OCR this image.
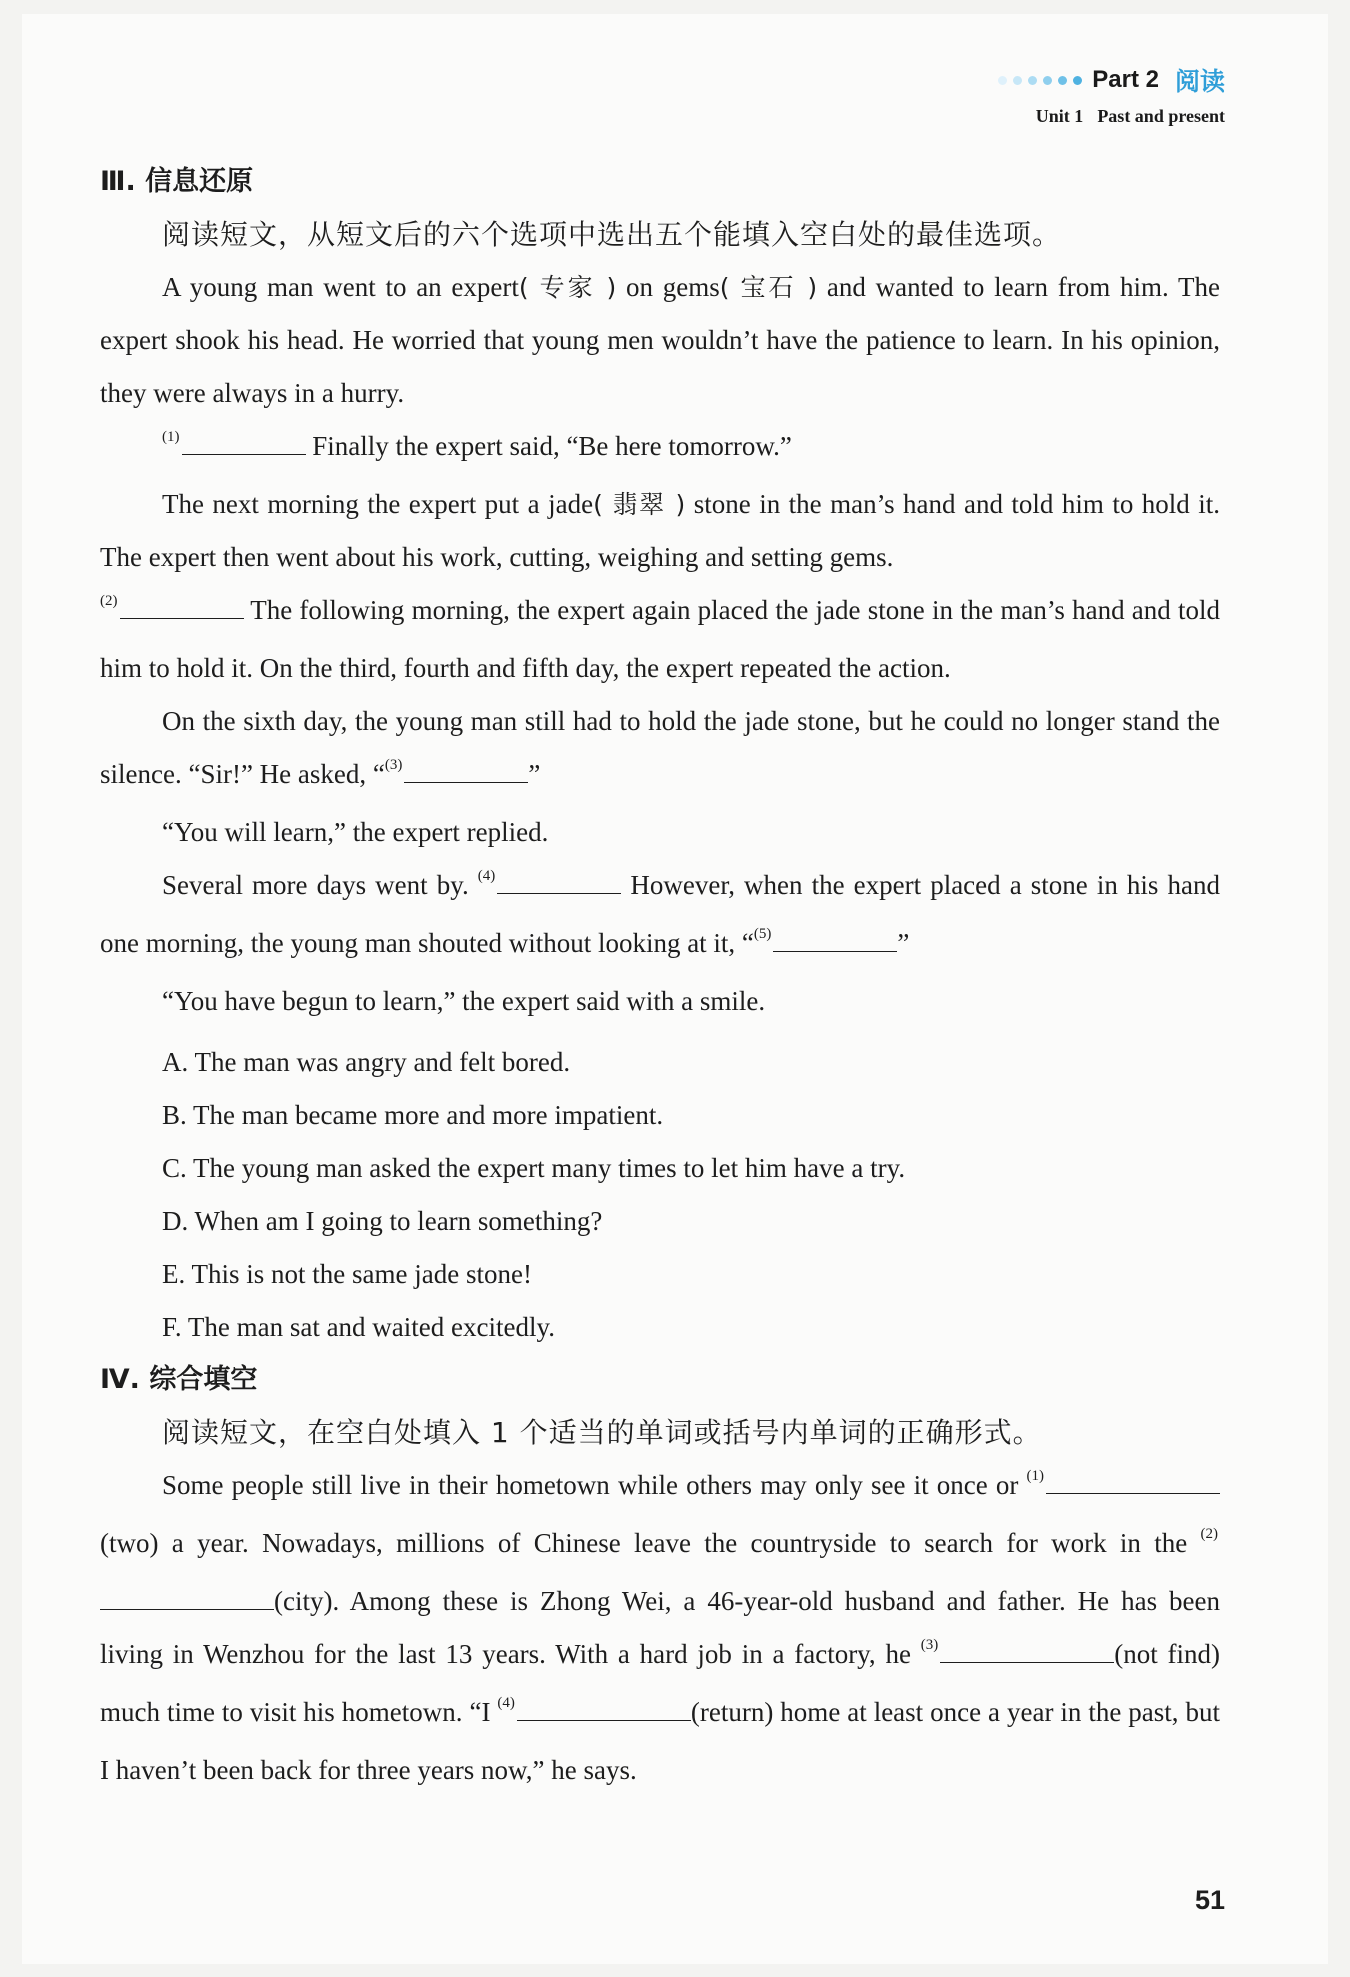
Part 2 阅读
Unit 1 Past and present

Ⅲ. 信息还原

阅读短文，从短文后的六个选项中选出五个能填入空白处的最佳选项。

A young man went to an expert( 专家 ) on gems( 宝石 ) and wanted to learn from him. The expert shook his head. He worried that young men wouldn’t have the patience to learn. In his opinion, they were always in a hurry.

$^{(1)}$	Finally the expert said, “Be here tomorrow.”

The next morning the expert put a jade( 翡翠 ) stone in the man’s hand and told him to hold it. The expert then went about his work, cutting, weighing and setting gems.

$^{(2)}$	The following morning, the expert again placed the jade stone in the man’s hand and told him to hold it. On the third, fourth and fifth day, the expert repeated the action.

On the sixth day, the young man still had to hold the jade stone, but he could no longer stand the silence. “Sir!” He asked, “$^{(3)}$	”

“You will learn,” the expert replied.

Several more days went by. $^{(4)}$	However, when the expert placed a stone in his hand one morning, the young man shouted without looking at it, “$^{(5)}$	”

“You have begun to learn,” the expert said with a smile.

A. The man was angry and felt bored.

B. The man became more and more impatient.

C. The young man asked the expert many times to let him have a try.

D. When am I going to learn something?

E. This is not the same jade stone!

F. The man sat and waited excitedly.

Ⅳ. 综合填空

阅读短文，在空白处填入 1 个适当的单词或括号内单词的正确形式。

Some people still live in their hometown while others may only see it once or $^{(1)}$(two) a year. Nowadays, millions of Chinese leave the countryside to search for work in the $^{(2)}$(city). Among these is Zhong Wei, a 46-year-old husband and father. He has been living in Wenzhou for the last 13 years. With a hard job in a factory, he $^{(3)}$	(not find) much time to visit his hometown. “I $^{(4)}$	(return) home at least once a year in the past, but I haven’t been back for three years now,” he says.

51
